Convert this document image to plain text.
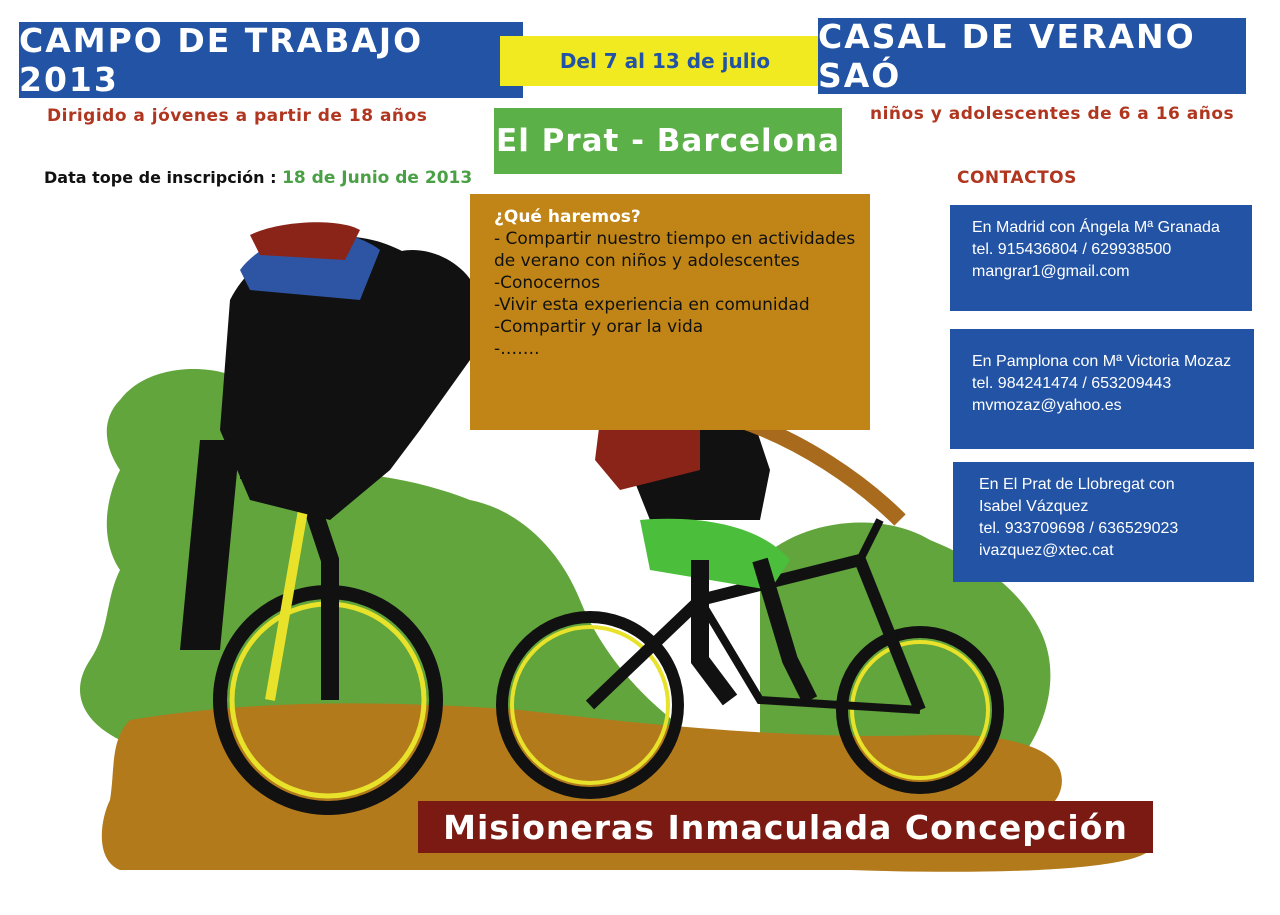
CAMPO DE TRABAJO 2013	Del 7 al 13 de julio
CASAL DE VERANO SAÓ
Dirigido a jóvenes a partir de 18 años	niños y adolescentes de 6 a 16 años
El Prat - Barcelona
Data tope de inscripción : 18 de Junio de 2013
¿Qué haremos?
- Compartir nuestro tiempo en actividades
de verano con niños y adolescentes
-Conocernos
-Vivir esta experiencia en comunidad
-Compartir y orar la vida
-…….
CONTACTOS
En Madrid con Ángela Mª Granada
tel. 915436804 / 629938500
mangrar1@gmail.com
En Pamplona con Mª Victoria Mozaz
tel. 984241474 / 653209443
mvmozaz@yahoo.es
En El Prat de Llobregat con
Isabel Vázquez
tel. 933709698 / 636529023
ivazquez@xtec.cat
Misioneras Inmaculada Concepción
